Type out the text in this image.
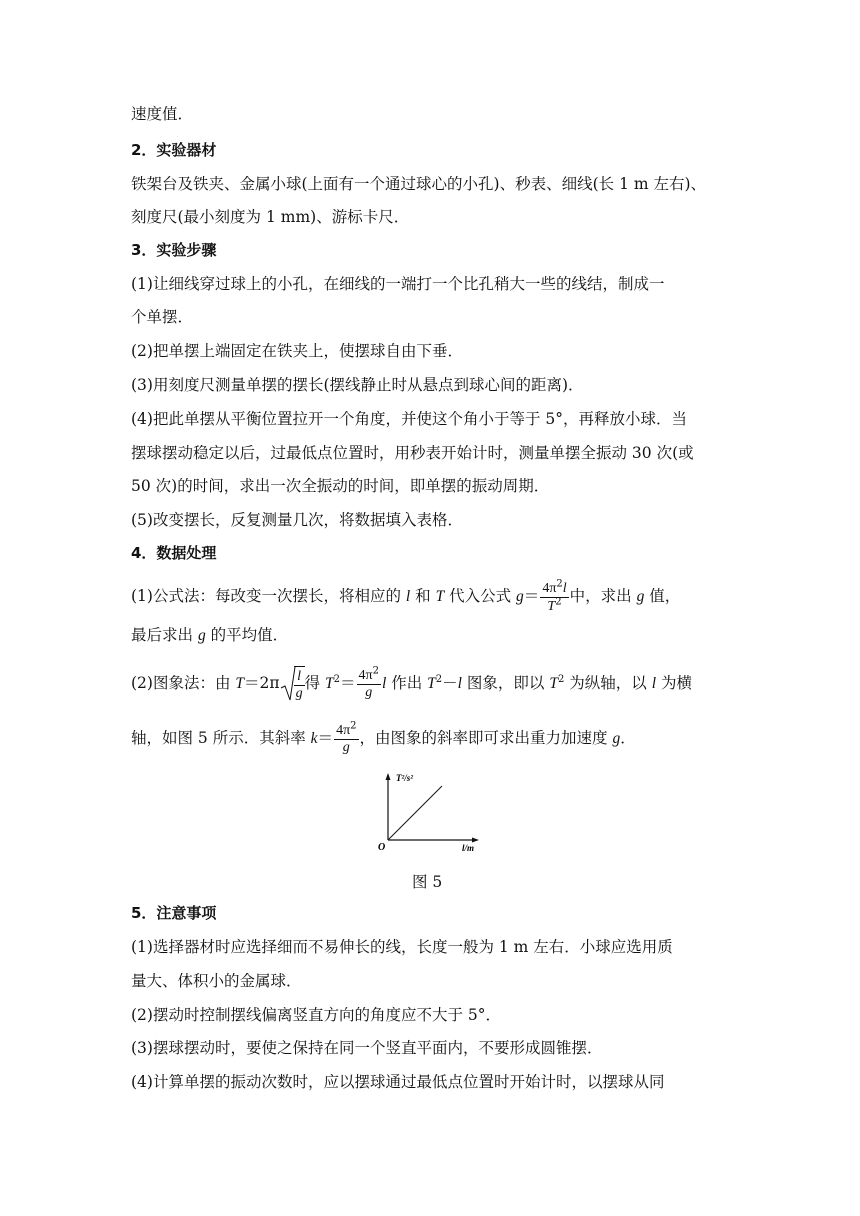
速度值．
2．实验器材
铁架台及铁夹、金属小球(上面有一个通过球心的小孔)、秒表、细线(长 1 m 左右)、
刻度尺(最小刻度为 1 mm)、游标卡尺．
3．实验步骤
(1)让细线穿过球上的小孔，在细线的一端打一个比孔稍大一些的线结，制成一
个单摆．
(2)把单摆上端固定在铁夹上，使摆球自由下垂．
(3)用刻度尺测量单摆的摆长(摆线静止时从悬点到球心间的距离)．
(4)把此单摆从平衡位置拉开一个角度，并使这个角小于等于 5°，再释放小球．当
摆球摆动稳定以后，过最低点位置时，用秒表开始计时，测量单摆全振动 30 次(或
50 次)的时间，求出一次全振动的时间，即单摆的振动周期．
(5)改变摆长，反复测量几次，将数据填入表格．
4．数据处理
(1)公式法：每改变一次摆长，将相应的 l 和 T 代入公式 $g= \frac{4\pi^2l}{T^2}$ 中，求出 g 值，
最后求出 g 的平均值．
(2)图象法：由 $T=2\pi \frac{l}{g}$ 得 $T^2= \frac{4\pi^2}{g}$ l 作出 $T^2-l$ 图象，即以 $T^2$ 为纵轴，以 l 为横
轴，如图 5 所示．其斜率 $k= \frac{4\pi^2}{g}$ ，由图象的斜率即可求出重力加速度 g．
T²/s²
O	l/m
图 5
5．注意事项
(1)选择器材时应选择细而不易伸长的线，长度一般为 1 m 左右．小球应选用质
量大、体积小的金属球．
(2)摆动时控制摆线偏离竖直方向的角度应不大于 5°．
(3)摆球摆动时，要使之保持在同一个竖直平面内，不要形成圆锥摆．
(4)计算单摆的振动次数时，应以摆球通过最低点位置时开始计时，以摆球从同
